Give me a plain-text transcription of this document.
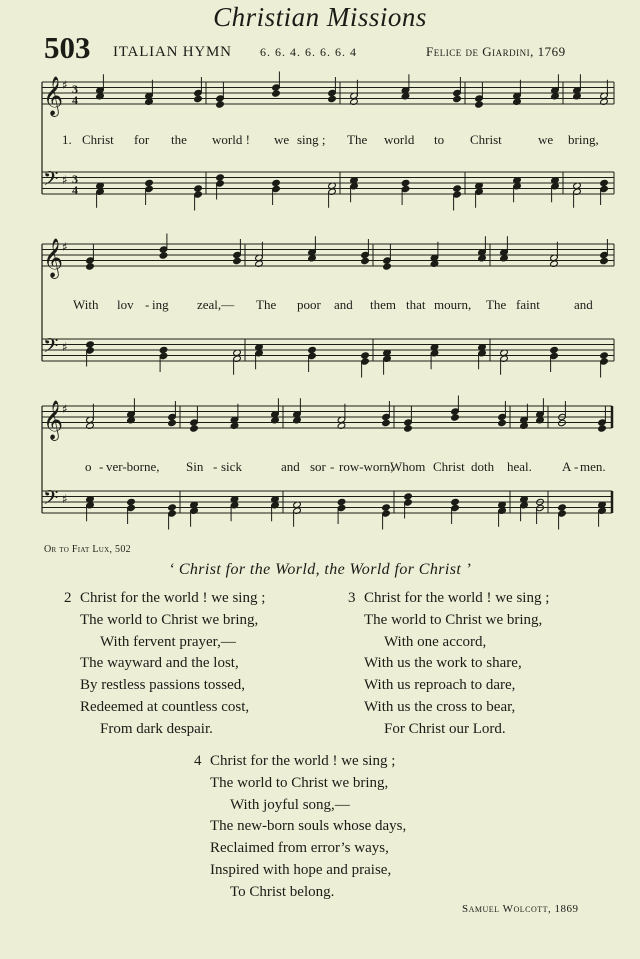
Christian Missions
503 ITALIAN HYMN 6. 6. 4. 6. 6. 6. 4	Felice de Giardini, 1769
𝄞
♯ 3
4
𝄢 ♯ 3
4
𝄞
♯
𝄢 ♯
𝄞
♯
𝄢 ♯
1. Christ for the world ! we sing ; The world to Christ	we bring,
With lov - ing zeal,— The poor and them that mourn, The faint	and
o - ver-borne, Sin - sick	and sor - row-worn,
Whom Christ doth heal. A - men.
Or to Fiat Lux, 502
‘ Christ for the World, the World for Christ ’
2 Christ for the world ! we sing ;
The world to Christ we bring,
With fervent prayer,—
The wayward and the lost,
By restless passions tossed,
Redeemed at countless cost,
From dark despair.
3 Christ for the world ! we sing ;
The world to Christ we bring,
With one accord,
With us the work to share,
With us reproach to dare,
With us the cross to bear,
For Christ our Lord.
4 Christ for the world ! we sing ;
The world to Christ we bring,
With joyful song,—
The new-born souls whose days,
Reclaimed from error’s ways,
Inspired with hope and praise,
To Christ belong.
Samuel Wolcott, 1869
